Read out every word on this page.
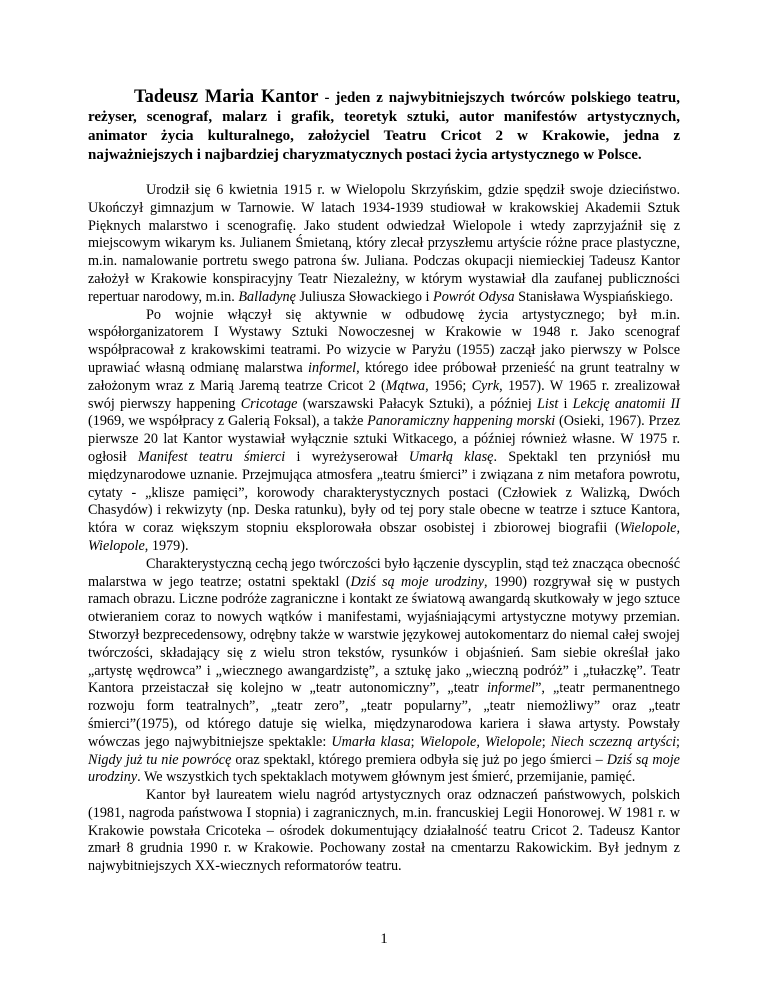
Tadeusz Maria Kantor - jeden z najwybitniejszych twórców polskiego teatru, reżyser, scenograf, malarz i grafik, teoretyk sztuki, autor manifestów artystycznych, animator życia kulturalnego, założyciel Teatru Cricot 2 w Krakowie, jedna z najważniejszych i najbardziej charyzmatycznych postaci życia artystycznego w Polsce.

Urodził się 6 kwietnia 1915 r. w Wielopolu Skrzyńskim, gdzie spędził swoje dzieciństwo. Ukończył gimnazjum w Tarnowie. W latach 1934-1939 studiował w krakowskiej Akademii Sztuk Pięknych malarstwo i scenografię. Jako student odwiedzał Wielopole i wtedy zaprzyjaźnił się z miejscowym wikarym ks. Julianem Śmietaną, który zlecał przyszłemu artyście różne prace plastyczne, m.in. namalowanie portretu swego patrona św. Juliana. Podczas okupacji niemieckiej Tadeusz Kantor założył w Krakowie konspiracyjny Teatr Niezależny, w którym wystawiał dla zaufanej publiczności repertuar narodowy, m.in. Balladynę Juliusza Słowackiego i Powrót Odysa Stanisława Wyspiańskiego.

Po wojnie włączył się aktywnie w odbudowę życia artystycznego; był m.in. współorganizatorem I Wystawy Sztuki Nowoczesnej w Krakowie w 1948 r. Jako scenograf współpracował z krakowskimi teatrami. Po wizycie w Paryżu (1955) zaczął jako pierwszy w Polsce uprawiać własną odmianę malarstwa informel, którego idee próbował przenieść na grunt teatralny w założonym wraz z Marią Jaremą teatrze Cricot 2 (Mątwa, 1956; Cyrk, 1957). W 1965 r. zrealizował swój pierwszy happening Cricotage (warszawski Pałacyk Sztuki), a później List i Lekcję anatomii II (1969, we współpracy z Galerią Foksal), a także Panoramiczny happening morski (Osieki, 1967). Przez pierwsze 20 lat Kantor wystawiał wyłącznie sztuki Witkacego, a później również własne. W 1975 r. ogłosił Manifest teatru śmierci i wyreżyserował Umarłą klasę. Spektakl ten przyniósł mu międzynarodowe uznanie. Przejmująca atmosfera „teatru śmierci” i związana z nim metafora powrotu, cytaty - „klisze pamięci”, korowody charakterystycznych postaci (Człowiek z Walizką, Dwóch Chasydów) i rekwizyty (np. Deska ratunku), były od tej pory stale obecne w teatrze i sztuce Kantora, która w coraz większym stopniu eksplorowała obszar osobistej i zbiorowej biografii (Wielopole, Wielopole, 1979).

Charakterystyczną cechą jego twórczości było łączenie dyscyplin, stąd też znacząca obecność malarstwa w jego teatrze; ostatni spektakl (Dziś są moje urodziny, 1990) rozgrywał się w pustych ramach obrazu. Liczne podróże zagraniczne i kontakt ze światową awangardą skutkowały w jego sztuce otwieraniem coraz to nowych wątków i manifestami, wyjaśniającymi artystyczne motywy przemian. Stworzył bezprecedensowy, odrębny także w warstwie językowej autokomentarz do niemal całej swojej twórczości, składający się z wielu stron tekstów, rysunków i objaśnień. Sam siebie określał jako „artystę wędrowca” i „wiecznego awangardzistę”, a sztukę jako „wieczną podróż” i „tułaczkę”. Teatr Kantora przeistaczał się kolejno w „teatr autonomiczny”, „teatr informel”, „teatr permanentnego rozwoju form teatralnych”, „teatr zero”, „teatr popularny”, „teatr niemożliwy” oraz „teatr śmierci”(1975), od którego datuje się wielka, międzynarodowa kariera i sława artysty. Powstały wówczas jego najwybitniejsze spektakle: Umarła klasa; Wielopole, Wielopole; Niech sczezną artyści; Nigdy już tu nie powrócę oraz spektakl, którego premiera odbyła się już po jego śmierci – Dziś są moje urodziny. We wszystkich tych spektaklach motywem głównym jest śmierć, przemijanie, pamięć.

Kantor był laureatem wielu nagród artystycznych oraz odznaczeń państwowych, polskich (1981, nagroda państwowa I stopnia) i zagranicznych, m.in. francuskiej Legii Honorowej. W 1981 r. w Krakowie powstała Cricoteka – ośrodek dokumentujący działalność teatru Cricot 2. Tadeusz Kantor zmarł 8 grudnia 1990 r. w Krakowie. Pochowany został na cmentarzu Rakowickim. Był jednym z najwybitniejszych XX-wiecznych reformatorów teatru.

1
